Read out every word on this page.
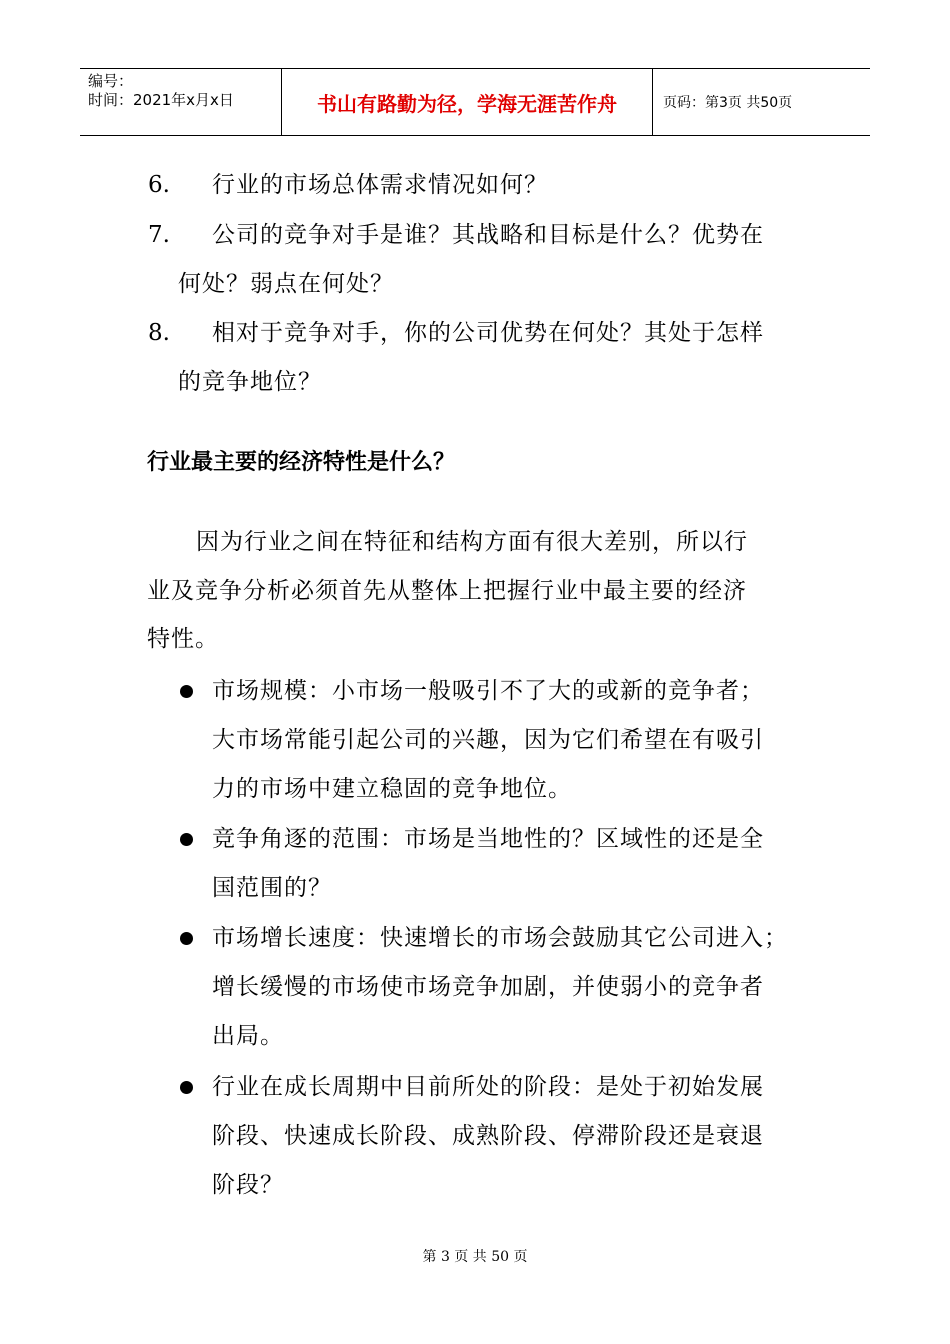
编号：
时间：2021年x月x日	书山有路勤为径，学海无涯苦作舟	页码：第3页 共50页
6. 行业的市场总体需求情况如何？
7. 公司的竞争对手是谁？其战略和目标是什么？优势在
何处？弱点在何处？
8. 相对于竞争对手，你的公司优势在何处？其处于怎样
的竞争地位？
行业最主要的经济特性是什么？
因为行业之间在特征和结构方面有很大差别，所以行
业及竞争分析必须首先从整体上把握行业中最主要的经济
特性。
市场规模：小市场一般吸引不了大的或新的竞争者；
大市场常能引起公司的兴趣，因为它们希望在有吸引
力的市场中建立稳固的竞争地位。
竞争角逐的范围：市场是当地性的？区域性的还是全
国范围的？
市场增长速度：快速增长的市场会鼓励其它公司进入；
增长缓慢的市场使市场竞争加剧，并使弱小的竞争者
出局。
行业在成长周期中目前所处的阶段：是处于初始发展
阶段、快速成长阶段、成熟阶段、停滞阶段还是衰退
阶段？
第 3 页 共 50 页
